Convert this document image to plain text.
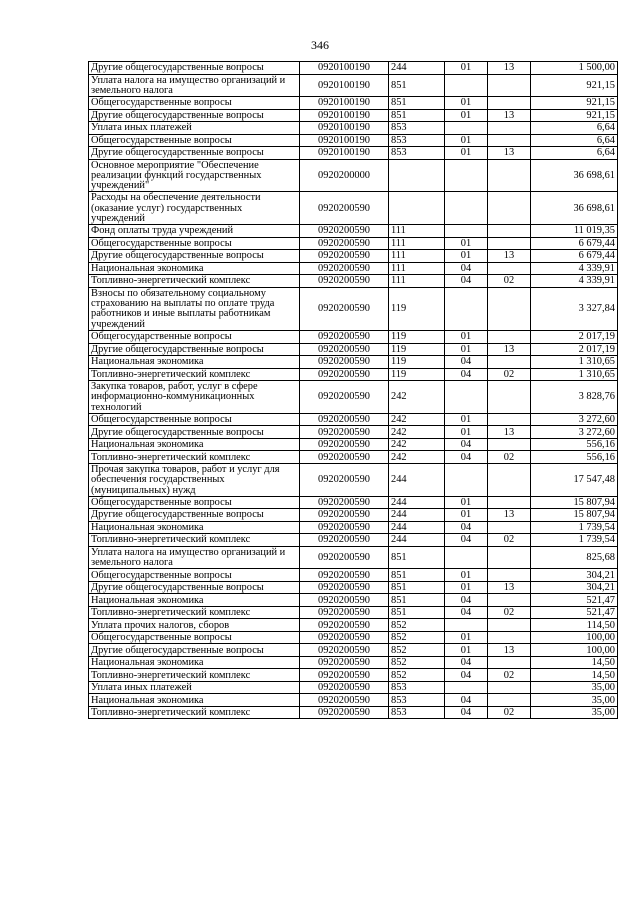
346
Другие общегосударственные вопросы	0920100190	244	01	13	1 500,00
Уплата налога на имущество организаций и земельного налога	0920100190	851			921,15
Общегосударственные вопросы	0920100190	851	01		921,15
Другие общегосударственные вопросы	0920100190	851	01	13	921,15
Уплата иных платежей	0920100190	853			6,64
Общегосударственные вопросы	0920100190	853	01		6,64
Другие общегосударственные вопросы	0920100190	853	01	13	6,64
Основное мероприятие "Обеспечение реализации функций государственных учреждений"	0920200000				36 698,61
Расходы на обеспечение деятельности (оказание услуг) государственных учреждений	0920200590				36 698,61
Фонд оплаты труда учреждений	0920200590	111			11 019,35
Общегосударственные вопросы	0920200590	111	01		6 679,44
Другие общегосударственные вопросы	0920200590	111	01	13	6 679,44
Национальная экономика	0920200590	111	04		4 339,91
Топливно-энергетический комплекс	0920200590	111	04	02	4 339,91
Взносы по обязательному социальному страхованию на выплаты по оплате труда работников и иные выплаты работникам учреждений	0920200590	119			3 327,84
Общегосударственные вопросы	0920200590	119	01		2 017,19
Другие общегосударственные вопросы	0920200590	119	01	13	2 017,19
Национальная экономика	0920200590	119	04		1 310,65
Топливно-энергетический комплекс	0920200590	119	04	02	1 310,65
Закупка товаров, работ, услуг в сфере информационно-коммуникационных технологий	0920200590	242			3 828,76
Общегосударственные вопросы	0920200590	242	01		3 272,60
Другие общегосударственные вопросы	0920200590	242	01	13	3 272,60
Национальная экономика	0920200590	242	04		556,16
Топливно-энергетический комплекс	0920200590	242	04	02	556,16
Прочая закупка товаров, работ и услуг для обеспечения государственных (муниципальных) нужд	0920200590	244			17 547,48
Общегосударственные вопросы	0920200590	244	01		15 807,94
Другие общегосударственные вопросы	0920200590	244	01	13	15 807,94
Национальная экономика	0920200590	244	04		1 739,54
Топливно-энергетический комплекс	0920200590	244	04	02	1 739,54
Уплата налога на имущество организаций и земельного налога	0920200590	851			825,68
Общегосударственные вопросы	0920200590	851	01		304,21
Другие общегосударственные вопросы	0920200590	851	01	13	304,21
Национальная экономика	0920200590	851	04		521,47
Топливно-энергетический комплекс	0920200590	851	04	02	521,47
Уплата прочих налогов, сборов	0920200590	852			114,50
Общегосударственные вопросы	0920200590	852	01		100,00
Другие общегосударственные вопросы	0920200590	852	01	13	100,00
Национальная экономика	0920200590	852	04		14,50
Топливно-энергетический комплекс	0920200590	852	04	02	14,50
Уплата иных платежей	0920200590	853			35,00
Национальная экономика	0920200590	853	04		35,00
Топливно-энергетический комплекс	0920200590	853	04	02	35,00
